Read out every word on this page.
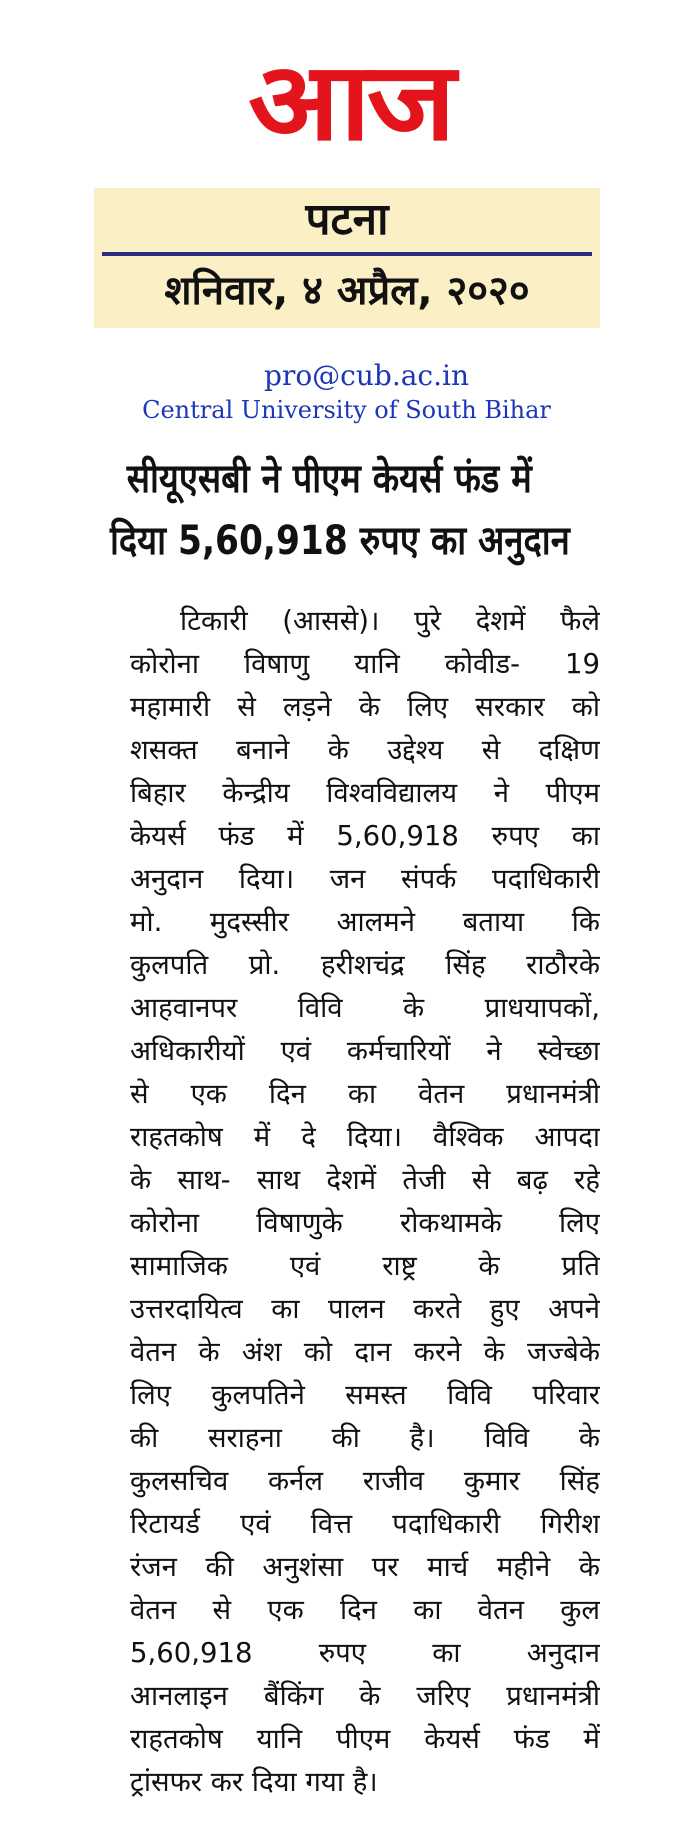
आज
पटना
शनिवार, ४ अप्रैल, २०२०
pro@cub.ac.in
Central University of South Bihar
सीयूएसबी ने पीएम केयर्स फंड में
दिया 5,60,918 रुपए का अनुदान
टिकारी (आससे)। पुरे देशमें फैले
कोरोना विषाणु यानि कोवीड- 19
महामारी से लड़ने के लिए सरकार को
शसक्त बनाने के उद्देश्य से दक्षिण
बिहार केन्द्रीय विश्वविद्यालय ने पीएम
केयर्स फंड में 5,60,918 रुपए का
अनुदान दिया। जन संपर्क पदाधिकारी
मो. मुदस्सीर आलमने बताया कि
कुलपति प्रो. हरीशचंद्र सिंह राठौरके
आहवानपर विवि के प्राधयापकों,
अधिकारीयों एवं कर्मचारियों ने स्वेच्छा
से एक दिन का वेतन प्रधानमंत्री
राहतकोष में दे दिया। वैश्विक आपदा
के साथ- साथ देशमें तेजी से बढ़ रहे
कोरोना विषाणुके रोकथामके लिए
सामाजिक एवं राष्ट्र के प्रति
उत्तरदायित्व का पालन करते हुए अपने
वेतन के अंश को दान करने के जज्बेके
लिए कुलपतिने समस्त विवि परिवार
की सराहना की है। विवि के
कुलसचिव कर्नल राजीव कुमार सिंह
रिटायर्ड एवं वित्त पदाधिकारी गिरीश
रंजन की अनुशंसा पर मार्च महीने के
वेतन से एक दिन का वेतन कुल
5,60,918 रुपए का अनुदान
आनलाइन बैंकिंग के जरिए प्रधानमंत्री
राहतकोष यानि पीएम केयर्स फंड में
ट्रांसफर कर दिया गया है।
